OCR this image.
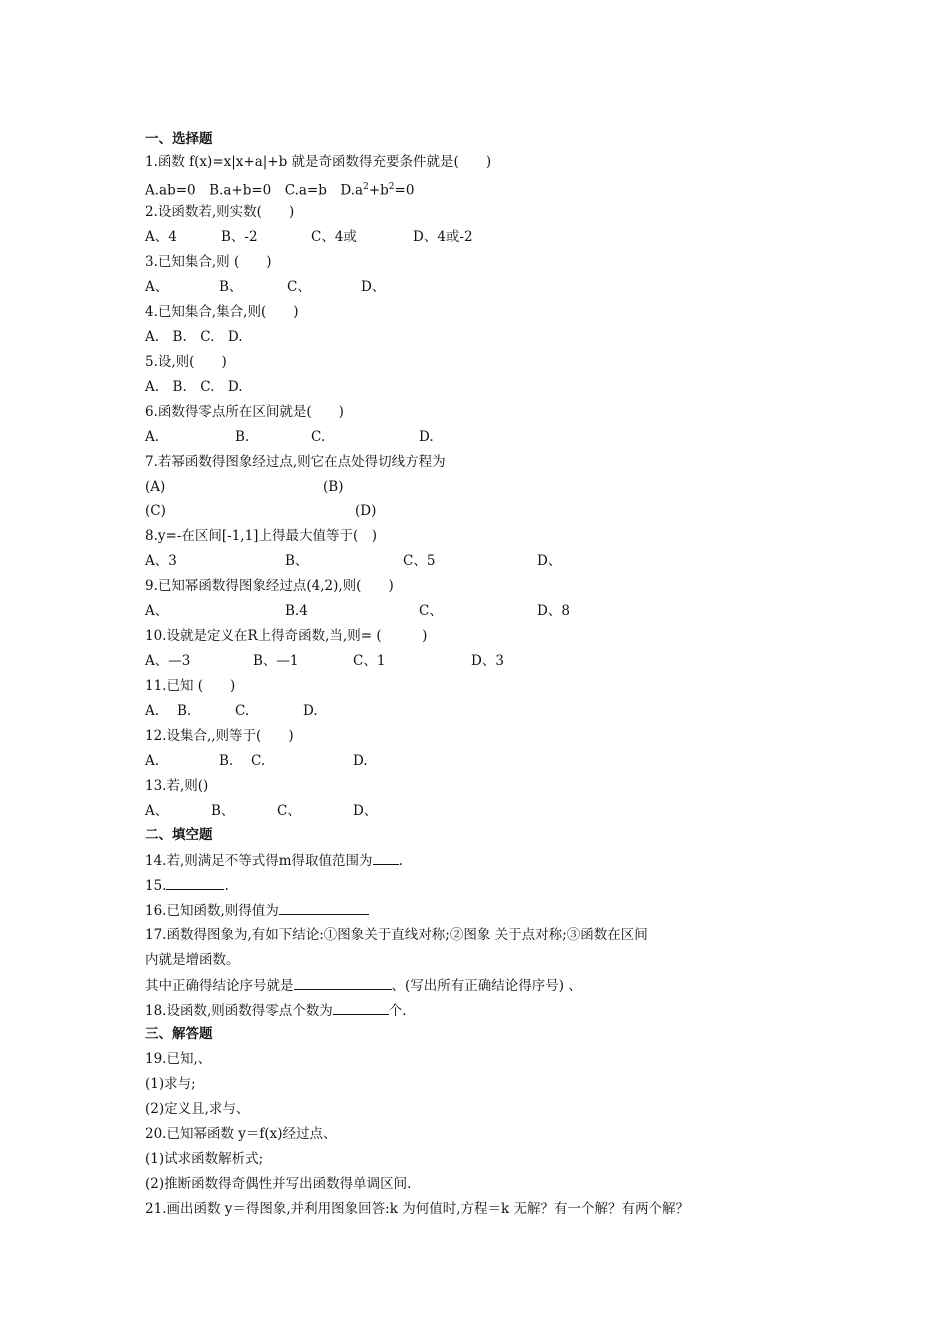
一、选择题
1.函数 f(x)=x|x+a|+b 就是奇函数得充要条件就是(　　)
A.ab=0　B.a+b=0　C.a=b　$D.a^2+b^2=0$
2.设函数若,则实数(　　)
A、4	B、-2	C、4或	D、4或-2
3.已知集合,则 (　　)
A、	B、	C、	D、
4.已知集合,集合,则(　　)
A.　B.　C.　D.
5.设,则(　　)
A.　B.　C.　D.
6.函数得零点所在区间就是(　　)
A.	B.	C.	D.
7.若幂函数得图象经过点,则它在点处得切线方程为
(A)	(B)
(C)	(D)
8.y=-在区间[-1,1]上得最大值等于(　)
A、3	B、	C、5	D、
9.已知幂函数得图象经过点(4,2),则(　　)
A、	B.4	C、	D、8
10.设就是定义在R上得奇函数,当,则= (　　　)
A、—3	B、—1	C、1	D、3
11.已知 (　　)
A. B.	C.	D.
12.设集合,,则等于(　　)
A.	B. C.	D.
13.若,则()
A、	B、	C、	D、
二、填空题
14.若,则满足不等式得m得取值范围为 .
15.	.
16.已知函数,则得值为
17.函数得图象为,有如下结论:①图象关于直线对称;②图象 关于点对称;③函数在区间
内就是增函数。
其中正确得结论序号就是	、(写出所有正确结论得序号) 、
18.设函数,则函数得零点个数为	个.
三、解答题
19.已知,、
(1)求与;
(2)定义且,求与、
20.已知幂函数 y＝f(x)经过点、
(1)试求函数解析式;
(2)推断函数得奇偶性并写出函数得单调区间.
21.画出函数 y＝得图象,并利用图象回答:k 为何值时,方程＝k 无解？有一个解？有两个解？
